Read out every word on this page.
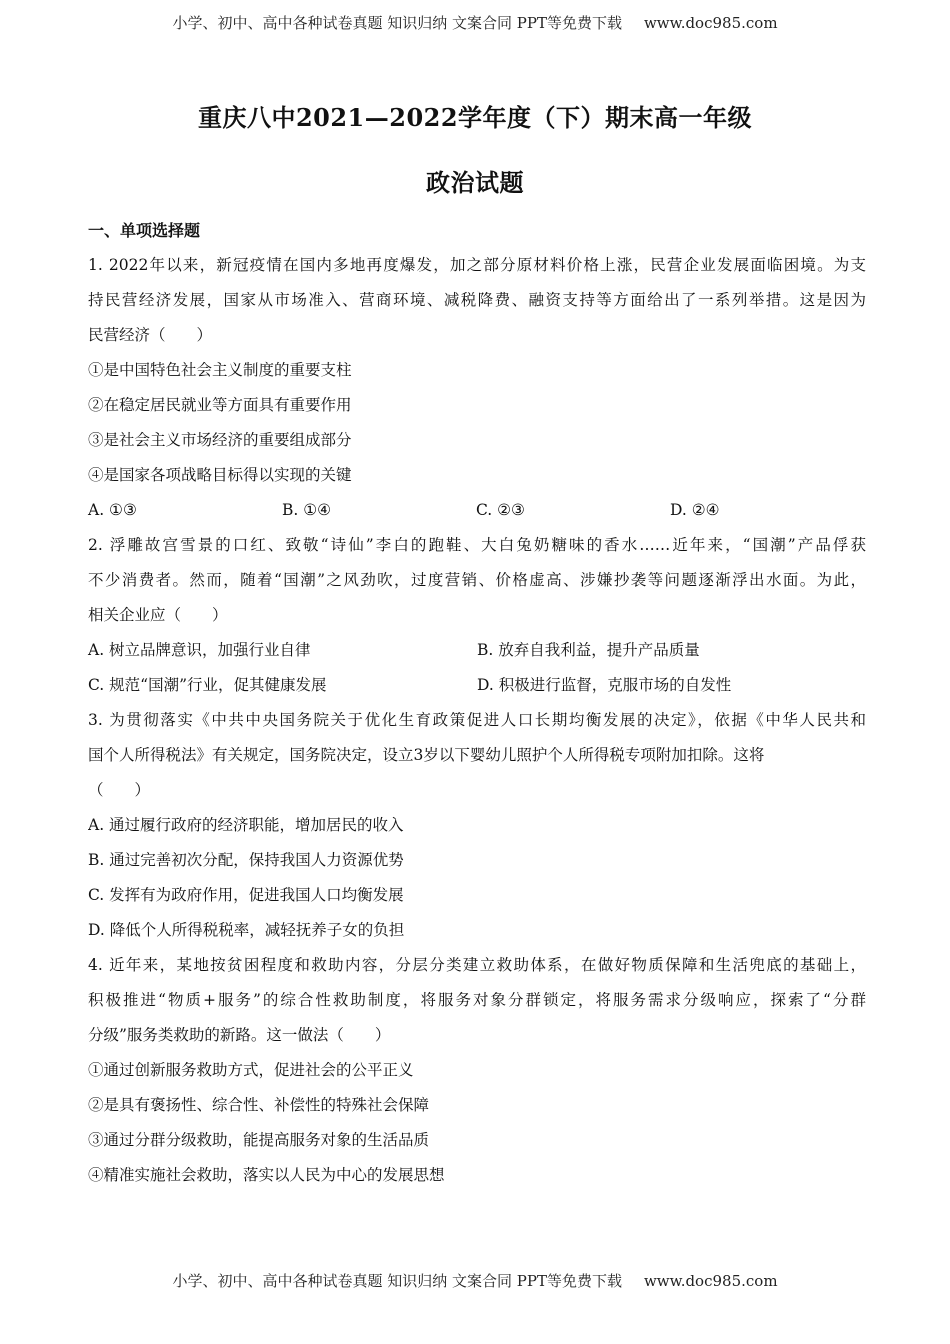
小学、初中、高中各种试卷真题 知识归纳 文案合同 PPT等免费下载 www.doc985.com
重庆八中2021—2022学年度（下）期末高一年级
政治试题
一、单项选择题
1. 2022年以来，新冠疫情在国内多地再度爆发，加之部分原材料价格上涨，民营企业发展面临困境。为支
持民营经济发展，国家从市场准入、营商环境、减税降费、融资支持等方面给出了一系列举措。这是因为
民营经济（　　）
①是中国特色社会主义制度的重要支柱
②在稳定居民就业等方面具有重要作用
③是社会主义市场经济的重要组成部分
④是国家各项战略目标得以实现的关键
A. ①③	B. ①④	C. ②③	D. ②④
2. 浮雕故宫雪景的口红、致敬“诗仙”李白的跑鞋、大白兔奶糖味的香水……近年来，“国潮”产品俘获
不少消费者。然而，随着“国潮”之风劲吹，过度营销、价格虚高、涉嫌抄袭等问题逐渐浮出水面。为此，
相关企业应（　　）
A. 树立品牌意识，加强行业自律	B. 放弃自我利益，提升产品质量
C. 规范“国潮”行业，促其健康发展	D. 积极进行监督，克服市场的自发性
3. 为贯彻落实《中共中央国务院关于优化生育政策促进人口长期均衡发展的决定》，依据《中华人民共和
国个人所得税法》有关规定，国务院决定，设立3岁以下婴幼儿照护个人所得税专项附加扣除。这将
（　　）
A. 通过履行政府的经济职能，增加居民的收入
B. 通过完善初次分配，保持我国人力资源优势
C. 发挥有为政府作用，促进我国人口均衡发展
D. 降低个人所得税税率，减轻抚养子女的负担
4. 近年来，某地按贫困程度和救助内容，分层分类建立救助体系，在做好物质保障和生活兜底的基础上，
积极推进“物质+服务”的综合性救助制度，将服务对象分群锁定，将服务需求分级响应，探索了“分群
分级”服务类救助的新路。这一做法（　　）
①通过创新服务救助方式，促进社会的公平正义
②是具有褒扬性、综合性、补偿性的特殊社会保障
③通过分群分级救助，能提高服务对象的生活品质
④精准实施社会救助，落实以人民为中心的发展思想
小学、初中、高中各种试卷真题 知识归纳 文案合同 PPT等免费下载 www.doc985.com
